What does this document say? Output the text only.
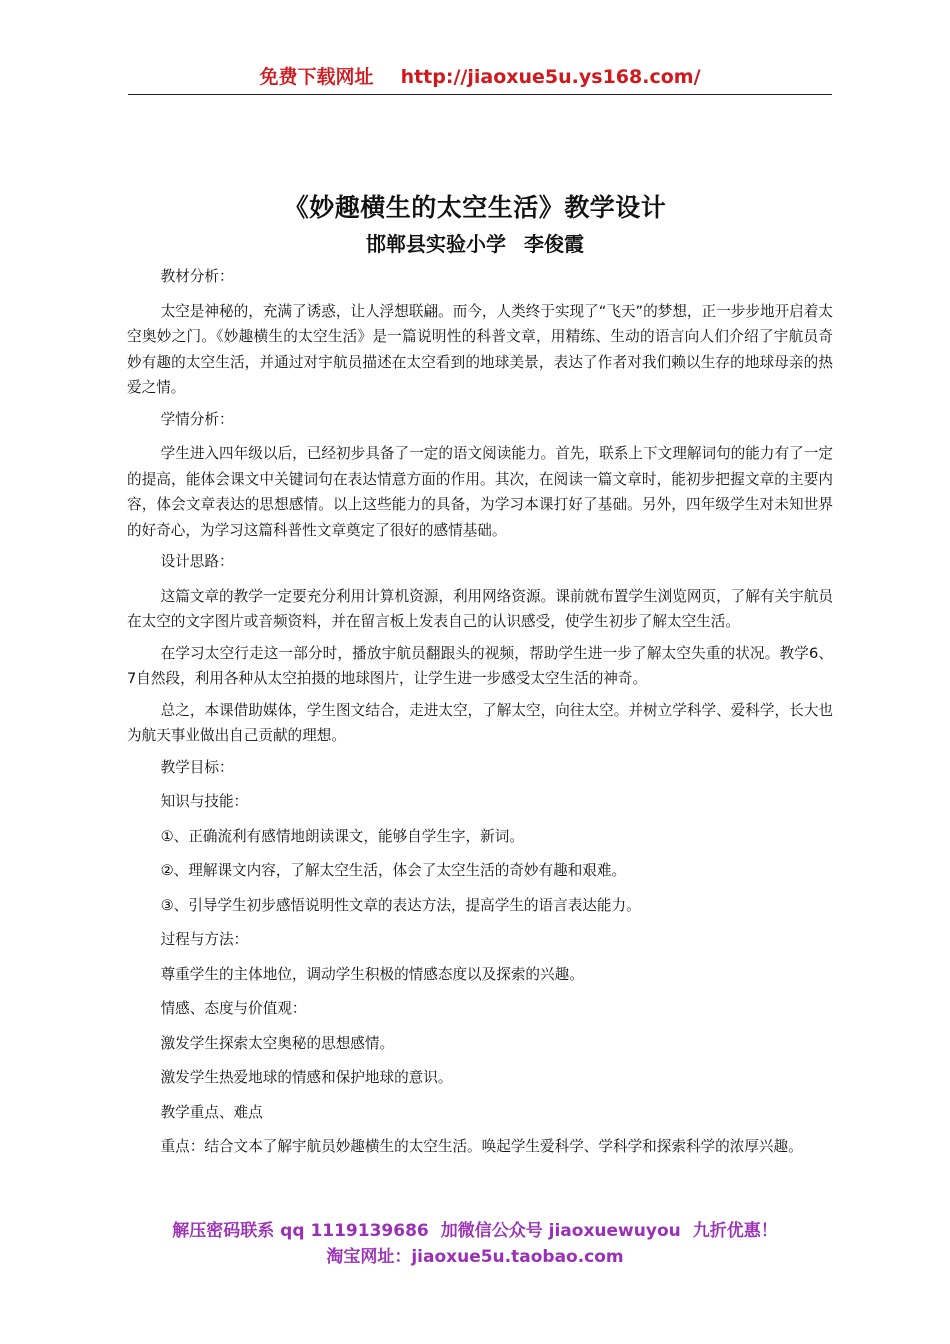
免费下载网址 http://jiaoxue5u.ys168.com/
《妙趣横生的太空生活》教学设计
邯郸县实验小学 李俊霞

教材分析：

太空是神秘的，充满了诱惑，让人浮想联翩。而今，人类终于实现了“飞天”的梦想，正一步步地开启着太空奥妙之门。《妙趣横生的太空生活》是一篇说明性的科普文章，用精练、生动的语言向人们介绍了宇航员奇妙有趣的太空生活，并通过对宇航员描述在太空看到的地球美景，表达了作者对我们赖以生存的地球母亲的热爱之情。

学情分析：

学生进入四年级以后，已经初步具备了一定的语文阅读能力。首先，联系上下文理解词句的能力有了一定的提高，能体会课文中关键词句在表达情意方面的作用。其次，在阅读一篇文章时，能初步把握文章的主要内容，体会文章表达的思想感情。以上这些能力的具备，为学习本课打好了基础。另外，四年级学生对未知世界的好奇心，为学习这篇科普性文章奠定了很好的感情基础。

设计思路：

这篇文章的教学一定要充分利用计算机资源，利用网络资源。课前就布置学生浏览网页，了解有关宇航员在太空的文字图片或音频资料，并在留言板上发表自己的认识感受，使学生初步了解太空生活。

在学习太空行走这一部分时，播放宇航员翻跟头的视频，帮助学生进一步了解太空失重的状况。教学6、7自然段，利用各种从太空拍摄的地球图片，让学生进一步感受太空生活的神奇。

总之，本课借助媒体，学生图文结合，走进太空，了解太空，向往太空。并树立学科学、爱科学，长大也为航天事业做出自己贡献的理想。

教学目标：

知识与技能：

①、正确流利有感情地朗读课文，能够自学生字，新词。

②、理解课文内容，了解太空生活，体会了太空生活的奇妙有趣和艰难。

③、引导学生初步感悟说明性文章的表达方法，提高学生的语言表达能力。

过程与方法：

尊重学生的主体地位，调动学生积极的情感态度以及探索的兴趣。

情感、态度与价值观：

激发学生探索太空奥秘的思想感情。

激发学生热爱地球的情感和保护地球的意识。

教学重点、难点

重点：结合文本了解宇航员妙趣横生的太空生活。唤起学生爱科学、学科学和探索科学的浓厚兴趣。

解压密码联系 qq 1119139686 加微信公众号 jiaoxuewuyou 九折优惠！
淘宝网址：jiaoxue5u.taobao.com
